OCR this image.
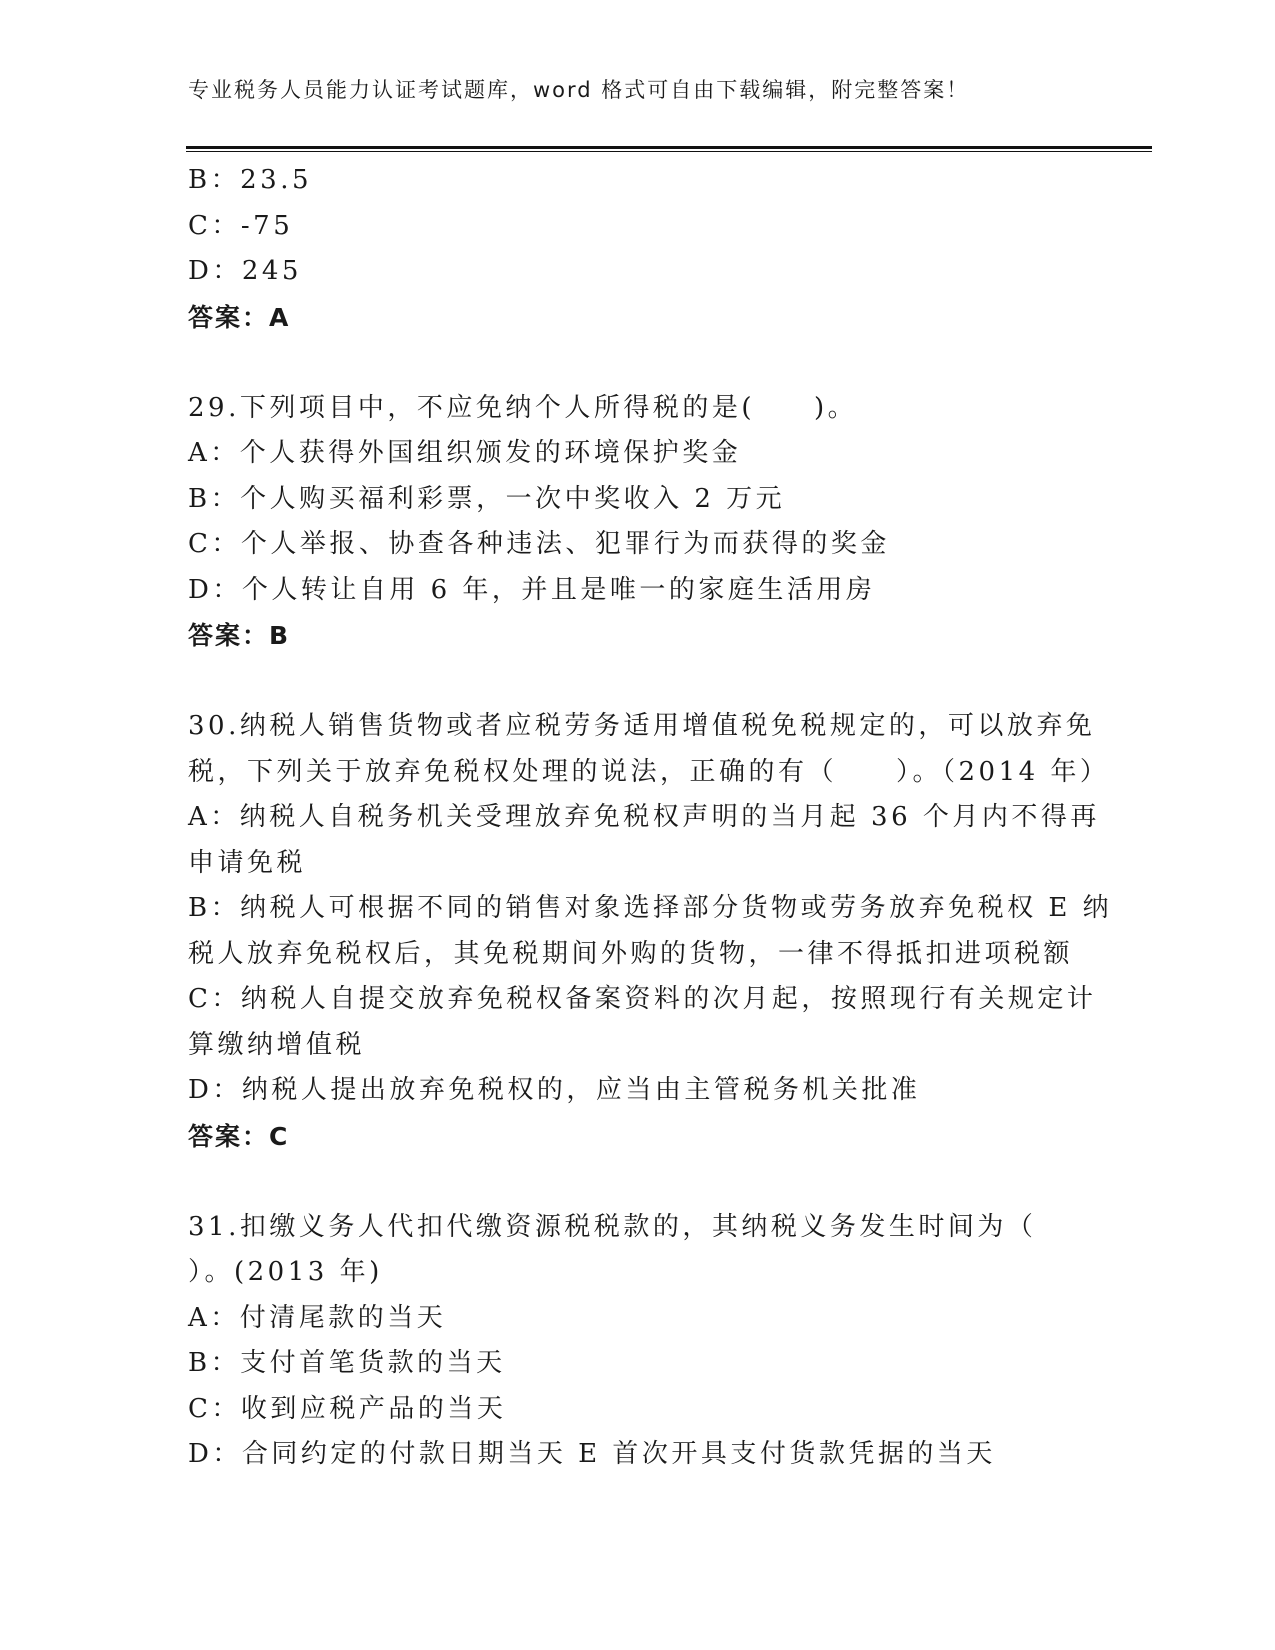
专业税务人员能力认证考试题库，word 格式可自由下载编辑，附完整答案！
B：23.5
C：-75
D：245
答案：A
29.下列项目中，不应免纳个人所得税的是(　　)。
A：个人获得外国组织颁发的环境保护奖金
B：个人购买福利彩票，一次中奖收入 2 万元
C：个人举报、协查各种违法、犯罪行为而获得的奖金
D：个人转让自用 6 年，并且是唯一的家庭生活用房
答案：B
30.纳税人销售货物或者应税劳务适用增值税免税规定的，可以放弃免
税，下列关于放弃免税权处理的说法，正确的有（　　）。（2014 年）
A：纳税人自税务机关受理放弃免税权声明的当月起 36 个月内不得再
申请免税
B：纳税人可根据不同的销售对象选择部分货物或劳务放弃免税权 E 纳
税人放弃免税权后，其免税期间外购的货物，一律不得抵扣进项税额
C：纳税人自提交放弃免税权备案资料的次月起，按照现行有关规定计
算缴纳增值税
D：纳税人提出放弃免税权的，应当由主管税务机关批准
答案：C
31.扣缴义务人代扣代缴资源税税款的，其纳税义务发生时间为（
）。(2013 年)
A：付清尾款的当天
B：支付首笔货款的当天
C：收到应税产品的当天
D：合同约定的付款日期当天 E 首次开具支付货款凭据的当天
